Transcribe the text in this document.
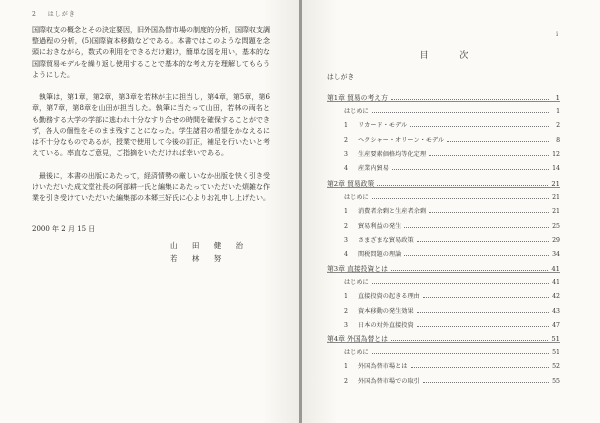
2 はしがき

国際収支の概念とその決定要因，旧外国為替市場の制度的分析，国際収支調整過程の分析，(5)国際資本移動などである。本書ではこのような問題を念頭におきながら，数式の利用をできるだけ避け，簡単な図を用い，基本的な国際貿易モデルを繰り返し使用することで基本的な考え方を理解してもらうようにした。

執筆は，第1章，第2章，第3章を若林が主に担当し，第4章，第5章，第6章，第7章，第8章を山田が担当した。執筆に当たって山田，若林の両名とも勤務する大学の学部に逃われ十分なすり合せの時間を確保することができず，各人の個性をそのまま残すことになった。学生諸君の希望をかなえるには不十分なものであるが，授業で使用して今後の訂正，補足を行いたいと考えている。率直なご意見，ご指摘をいただければ幸いである。

最後に，本書の出版にあたって，経済情勢の厳しいなか出版を快く引き受けいただいた成文堂社長の阿部耕一氏と編集にあたっていただいた煩雑な作業を引き受けていただいた編集部の本郷三好氏に心よりお礼申し上げたい。

2000 年 2 月 15 日
山 田 健 治
若 林 努
i
目 次
はしがき
第1章 貿易の考え方	1
はじめに	1
1 リカード・モデル	2
2 ヘクシャー・オリーン・モデル	8
3 生産要素価格均等化定理	12
4 産業内貿易	14
第2章 貿易政策	21
はじめに	21
1 消費者余剰と生産者余剰	21
2 貿易利益の発生	25
3 さまざまな貿易政策	29
4 関税問題の理論	34
第3章 直接投資とは	41
はじめに	41
1 直接投資の起きる理由	42
2 資本移動の発生効果	43
3 日本の対外直接投資	47
第4章 外国為替とは	51
はじめに	51
1 外国為替市場とは	52
2 外国為替市場での取引	55
